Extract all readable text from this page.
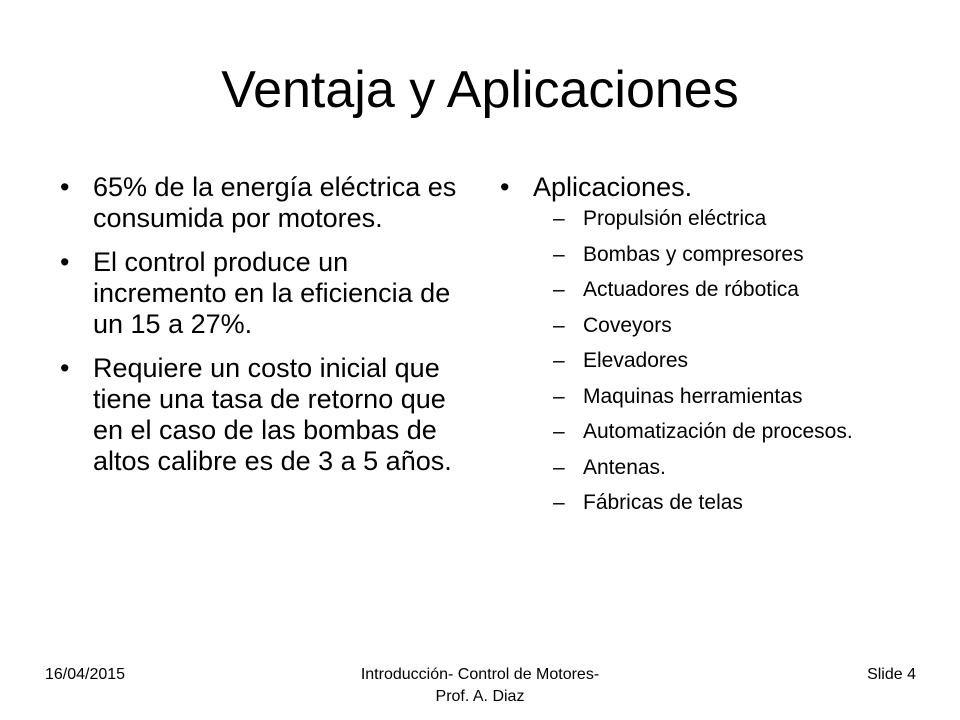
Ventaja y Aplicaciones
• 65% de la energía eléctrica es consumida por motores.
• El control produce un incremento en la eficiencia de un 15 a 27%.
• Requiere un costo inicial que tiene una tasa de retorno que en el caso de las bombas de altos calibre es de 3 a 5 años.
• Aplicaciones.
– Propulsión eléctrica
– Bombas y compresores
– Actuadores de róbotica
– Coveyors
– Elevadores
– Maquinas herramientas
– Automatización de procesos.
– Antenas.
– Fábricas de telas
16/04/2015	Introducción- Control de Motores-
Prof. A. Diaz
Slide 4
